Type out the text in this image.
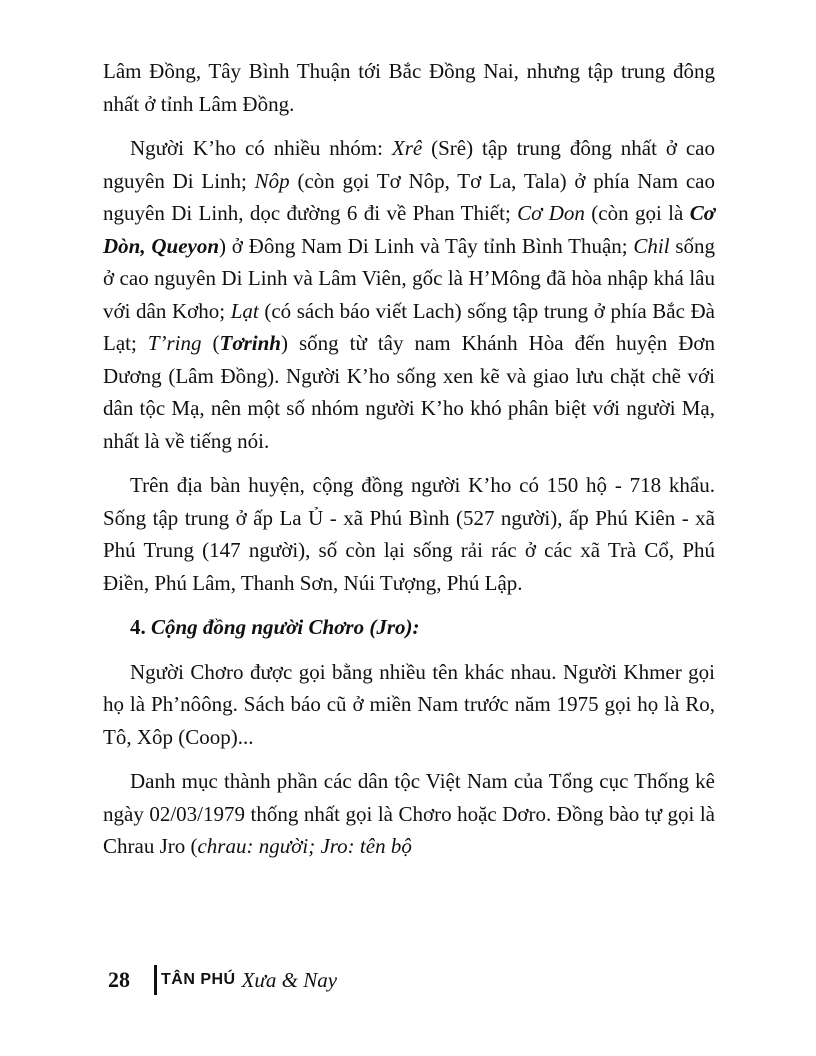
Lâm Đồng, Tây Bình Thuận tới Bắc Đồng Nai, nhưng tập trung đông nhất ở tỉnh Lâm Đồng.

Người K’ho có nhiều nhóm: Xrê (Srê) tập trung đông nhất ở cao nguyên Di Linh; Nôp (còn gọi Tơ Nôp, Tơ La, Tala) ở phía Nam cao nguyên Di Linh, dọc đường 6 đi về Phan Thiết; Cơ Don (còn gọi là Cơ Dòn, Queyon) ở Đông Nam Di Linh và Tây tỉnh Bình Thuận; Chil sống ở cao nguyên Di Linh và Lâm Viên, gốc là H’Mông đã hòa nhập khá lâu với dân Kơho; Lạt (có sách báo viết Lach) sống tập trung ở phía Bắc Đà Lạt; T’ring (Tơrinh) sống từ tây nam Khánh Hòa đến huyện Đơn Dương (Lâm Đồng). Người K’ho sống xen kẽ và giao lưu chặt chẽ với dân tộc Mạ, nên một số nhóm người K’ho khó phân biệt với người Mạ, nhất là về tiếng nói.

Trên địa bàn huyện, cộng đồng người K’ho có 150 hộ - 718 khẩu. Sống tập trung ở ấp La Ủ - xã Phú Bình (527 người), ấp Phú Kiên - xã Phú Trung (147 người), số còn lại sống rải rác ở các xã Trà Cổ, Phú Điền, Phú Lâm, Thanh Sơn, Núi Tượng, Phú Lập.

4. Cộng đồng người Chơro (Jro):

Người Chơro được gọi bằng nhiều tên khác nhau. Người Khmer gọi họ là Ph’nôông. Sách báo cũ ở miền Nam trước năm 1975 gọi họ là Ro, Tô, Xôp (Coop)...

Danh mục thành phần các dân tộc Việt Nam của Tổng cục Thống kê ngày 02/03/1979 thống nhất gọi là Chơro hoặc Dơro. Đồng bào tự gọi là Chrau Jro (chrau: người; Jro: tên bộ

28 TÂN PHÚ Xưa & Nay
